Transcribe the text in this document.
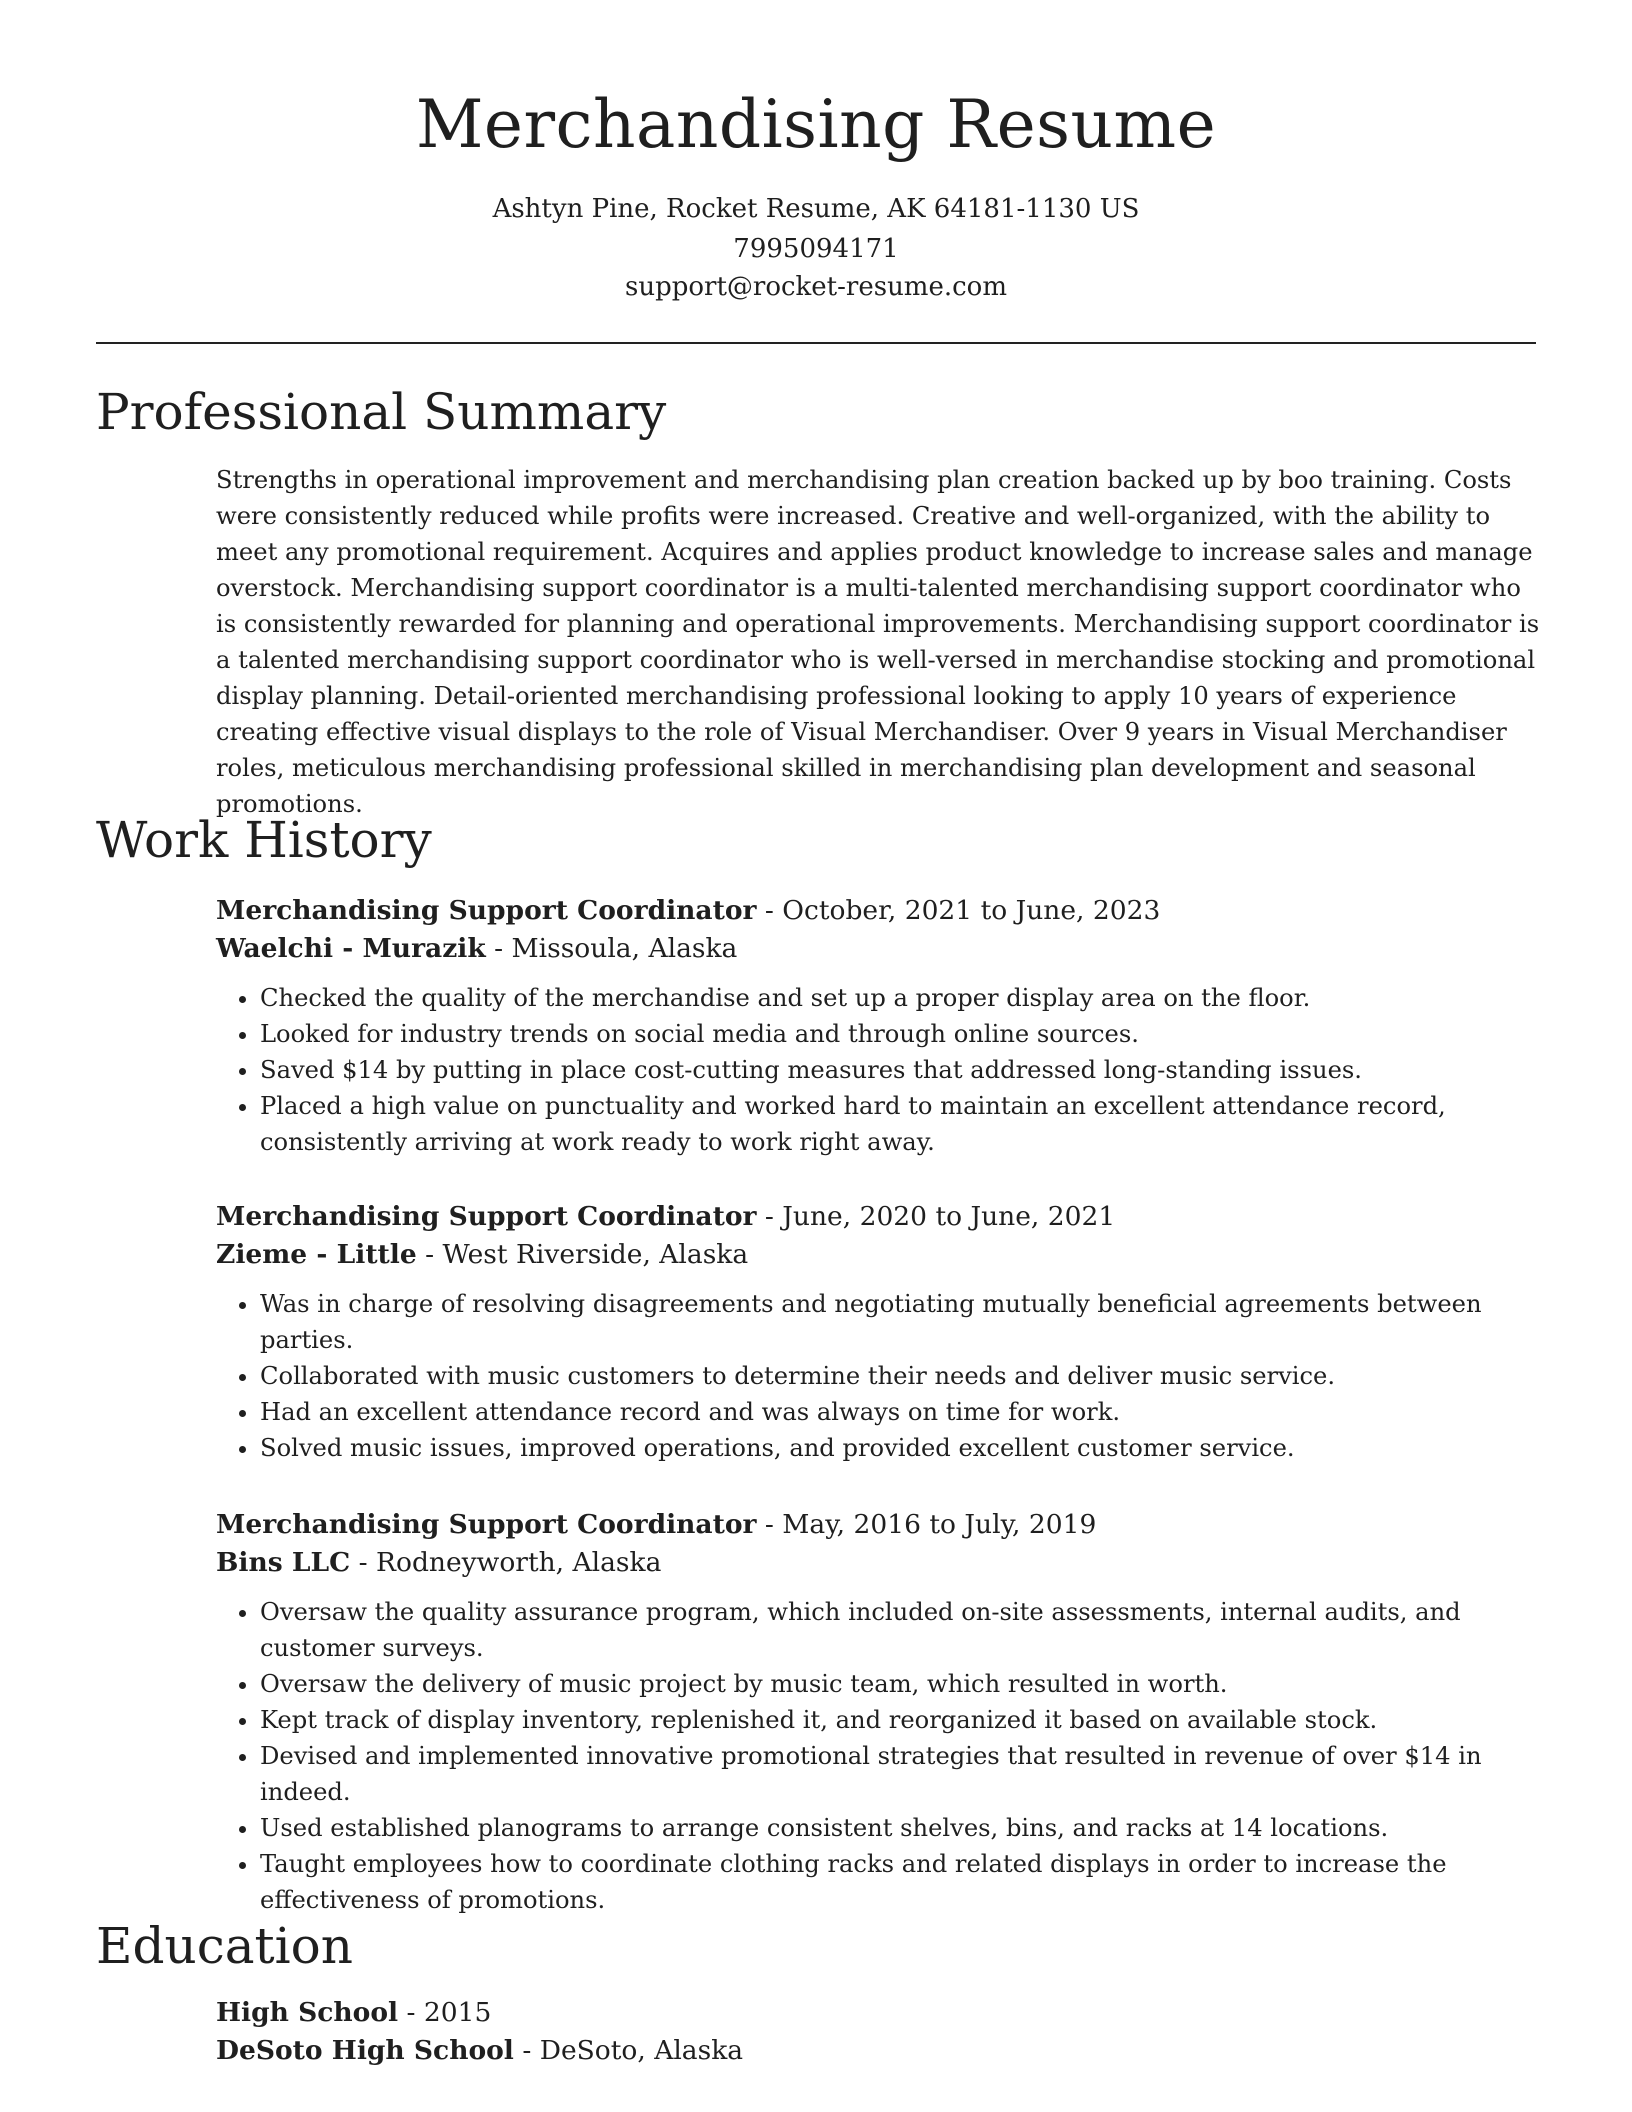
Merchandising Resume
Ashtyn Pine, Rocket Resume, AK 64181-1130 US
7995094171
support@rocket-resume.com
Professional Summary
Strengths in operational improvement and merchandising plan creation backed up by boo training. Costs were consistently reduced while profits were increased. Creative and well-organized, with the ability to meet any promotional requirement. Acquires and applies product knowledge to increase sales and manage overstock. Merchandising support coordinator is a multi-talented merchandising support coordinator who is consistently rewarded for planning and operational improvements. Merchandising support coordinator is a talented merchandising support coordinator who is well-versed in merchandise stocking and promotional display planning. Detail-oriented merchandising professional looking to apply 10 years of experience creating effective visual displays to the role of Visual Merchandiser. Over 9 years in Visual Merchandiser roles, meticulous merchandising professional skilled in merchandising plan development and seasonal promotions.
Work History
Merchandising Support Coordinator - October, 2021 to June, 2023
Waelchi - Murazik - Missoula, Alaska
• Checked the quality of the merchandise and set up a proper display area on the floor.
• Looked for industry trends on social media and through online sources.
• Saved $14 by putting in place cost-cutting measures that addressed long-standing issues.
• Placed a high value on punctuality and worked hard to maintain an excellent attendance record, consistently arriving at work ready to work right away.
Merchandising Support Coordinator - June, 2020 to June, 2021
Zieme - Little - West Riverside, Alaska
• Was in charge of resolving disagreements and negotiating mutually beneficial agreements between parties.
• Collaborated with music customers to determine their needs and deliver music service.
• Had an excellent attendance record and was always on time for work.
• Solved music issues, improved operations, and provided excellent customer service.
Merchandising Support Coordinator - May, 2016 to July, 2019
Bins LLC - Rodneyworth, Alaska
• Oversaw the quality assurance program, which included on-site assessments, internal audits, and customer surveys.
• Oversaw the delivery of music project by music team, which resulted in worth.
• Kept track of display inventory, replenished it, and reorganized it based on available stock.
• Devised and implemented innovative promotional strategies that resulted in revenue of over $14 in indeed.
• Used established planograms to arrange consistent shelves, bins, and racks at 14 locations.
• Taught employees how to coordinate clothing racks and related displays in order to increase the effectiveness of promotions.
Education
High School - 2015
DeSoto High School - DeSoto, Alaska
